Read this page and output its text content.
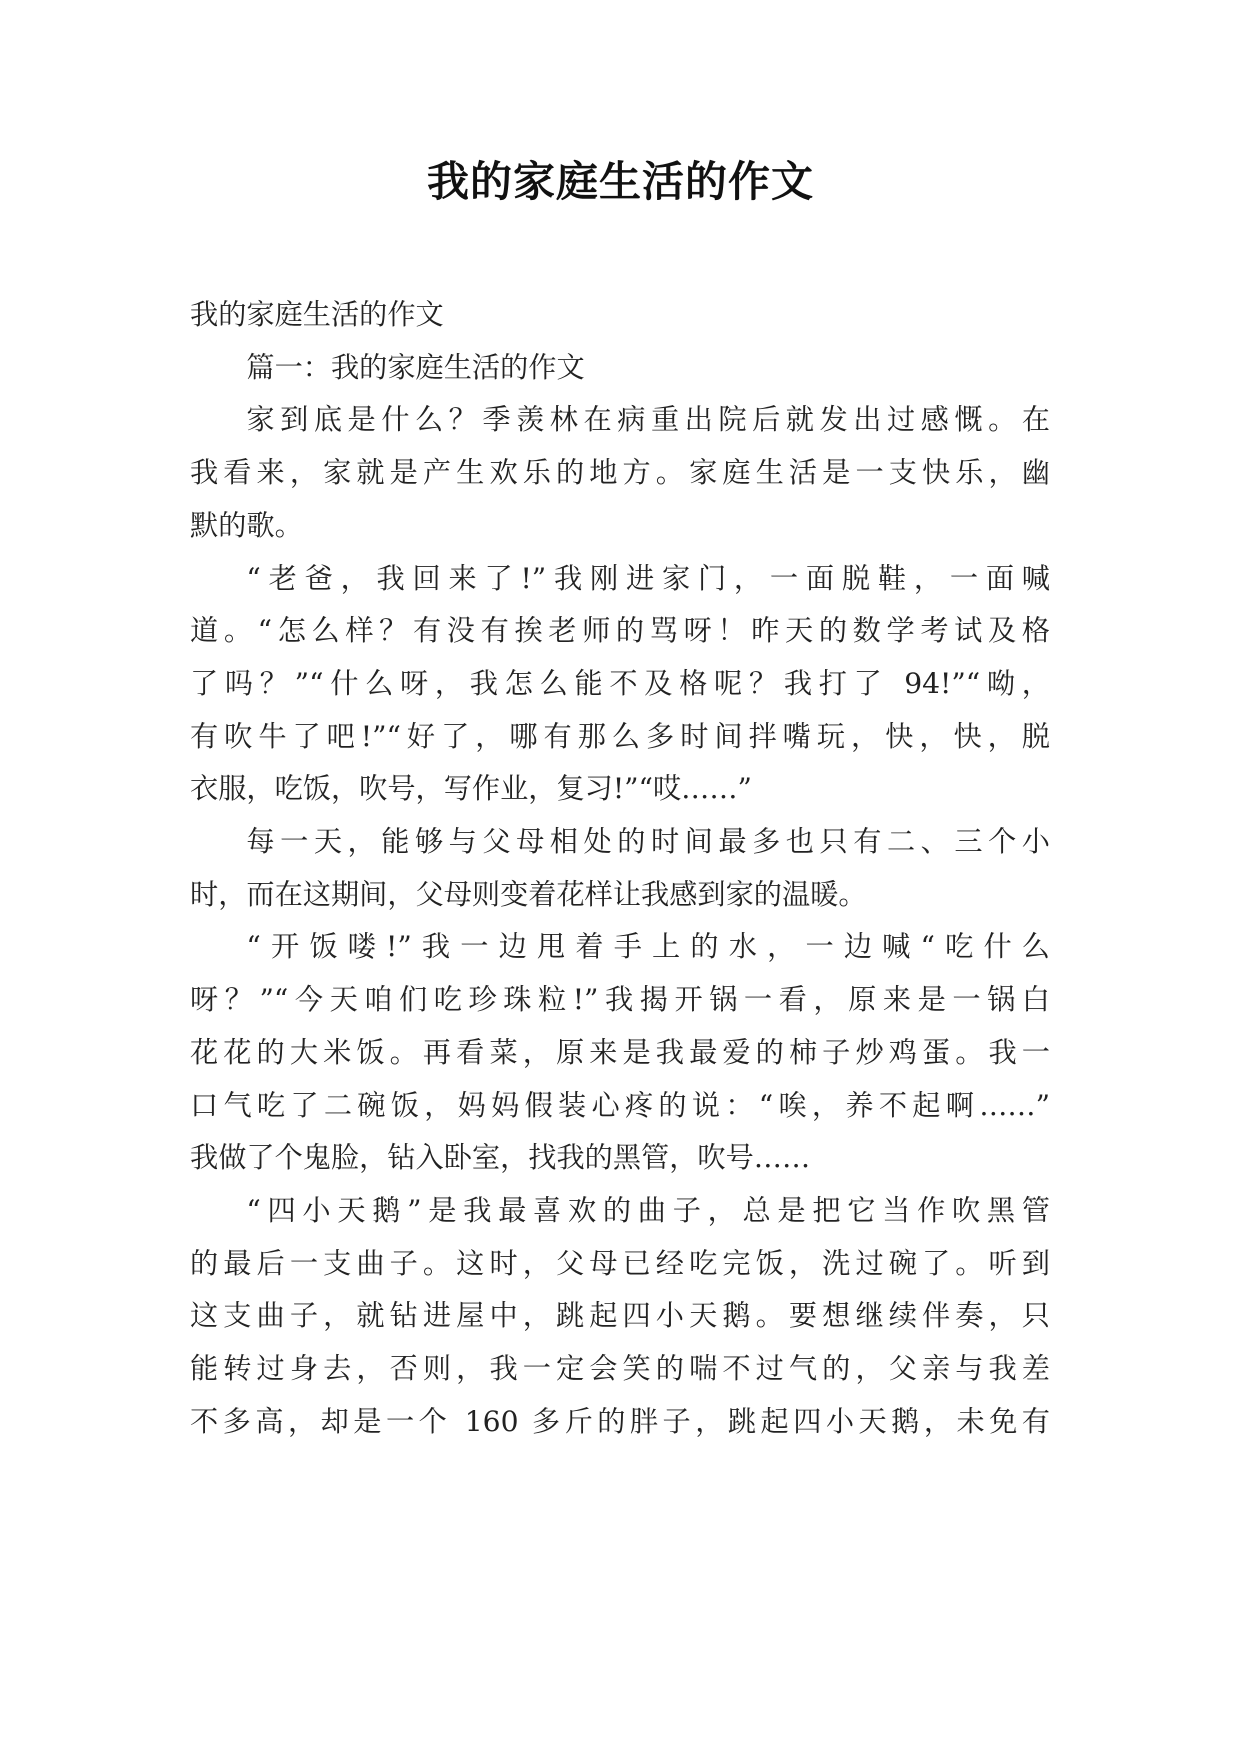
我的家庭生活的作文

我的家庭生活的作文

篇一：我的家庭生活的作文

家到底是什么？季羡林在病重出院后就发出过感慨。在
我看来，家就是产生欢乐的地方。家庭生活是一支快乐，幽
默的歌。

“老爸，我回来了!”我刚进家门，一面脱鞋，一面喊
道。“怎么样？有没有挨老师的骂呀！昨天的数学考试及格
了吗？”“什么呀，我怎么能不及格呢？我打了 94!”“呦，
有吹牛了吧!”“好了，哪有那么多时间拌嘴玩，快，快，脱
衣服，吃饭，吹号，写作业，复习!”“哎……”

每一天，能够与父母相处的时间最多也只有二、三个小
时，而在这期间，父母则变着花样让我感到家的温暖。

“开饭喽!”我一边甩着手上的水，一边喊“吃什么
呀？”“今天咱们吃珍珠粒!”我揭开锅一看，原来是一锅白
花花的大米饭。再看菜，原来是我最爱的柿子炒鸡蛋。我一
口气吃了二碗饭，妈妈假装心疼的说：“唉，养不起啊……”
我做了个鬼脸，钻入卧室，找我的黑管，吹号……

“四小天鹅”是我最喜欢的曲子，总是把它当作吹黑管
的最后一支曲子。这时，父母已经吃完饭，洗过碗了。听到
这支曲子，就钻进屋中，跳起四小天鹅。要想继续伴奏，只
能转过身去，否则，我一定会笑的喘不过气的，父亲与我差
不多高，却是一个 160 多斤的胖子，跳起四小天鹅，未免有
